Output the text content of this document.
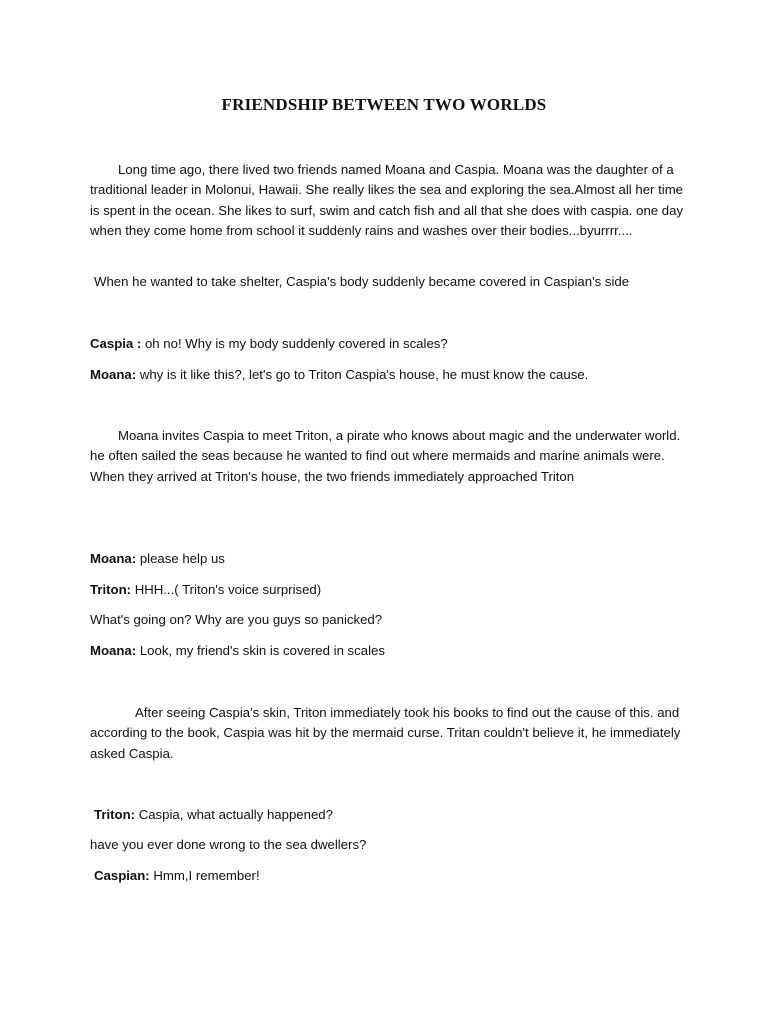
FRIENDSHIP BETWEEN TWO WORLDS

Long time ago, there lived two friends named Moana and Caspia. Moana was the daughter of a traditional leader in Molonui, Hawaii. She really likes the sea and exploring the sea.Almost all her time is spent in the ocean. She likes to surf, swim and catch fish and all that she does with caspia. one day when they come home from school it suddenly rains and washes over their bodies...byurrrr....

When he wanted to take shelter, Caspia's body suddenly became covered in Caspian's side

Caspia : oh no! Why is my body suddenly covered in scales?

Moana: why is it like this?, let's go to Triton Caspia's house, he must know the cause.

Moana invites Caspia to meet Triton, a pirate who knows about magic and the underwater world. he often sailed the seas because he wanted to find out where mermaids and marine animals were. When they arrived at Triton's house, the two friends immediately approached Triton

Moana: please help us

Triton: HHH...( Triton's voice surprised)

What's going on? Why are you guys so panicked?

Moana: Look, my friend's skin is covered in scales

After seeing Caspia's skin, Triton immediately took his books to find out the cause of this. and according to the book, Caspia was hit by the mermaid curse. Tritan couldn't believe it, he immediately asked Caspia.

Triton: Caspia, what actually happened?

have you ever done wrong to the sea dwellers?

Caspian: Hmm,I remember!
